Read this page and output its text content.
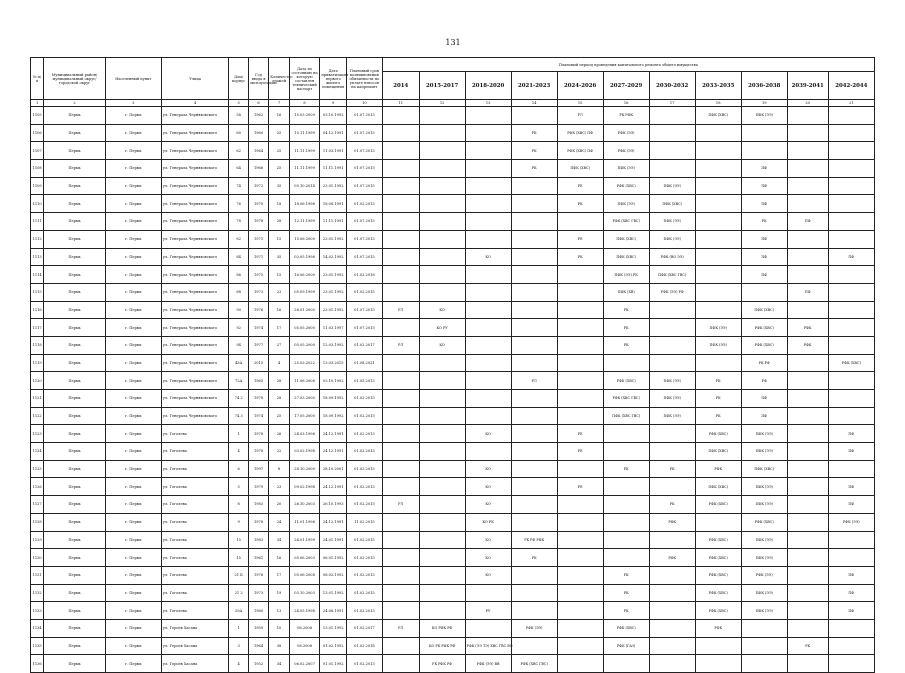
131
№ п/п	Муниципальный район/муниципальный округ/городской округ	Населенный пункт	Улица	Дом/корпус	Год ввода в эксплуатацию	Количество этажей	Дата по состоянию на которую составлен технический паспорт	Дата приватизации первого жилого помещения	Плановый срок возникновения обязанности по уплате взносов на капремонт	Плановый период проведения капитального ремонта общего имущества										
										2014	2015-2017	2018-2020	2021-2023	2024-2026	2027-2029	2030-2032	2033-2035	2036-2038	2039-2041	2042-2044
1	2	3	4	5	6	7	8	9	10	11	12	13	14	15	16	17	18	19	20	21
1105	Пермь	г. Пермь	ул. Генерала Черняховского	58	1962	16	15.03.2009	03.10.1992	01.07.2015					РЛ	РК РФК		ПФК (ХВС)	ПФК (ЭЭ)		
1106	Пермь	г. Пермь	ул. Генерала Черняховского	60	1960	25	15.11.1999	04.12.1991	01.07.2015				РК	РФК (ХВС) ПФ	РФК (ЭЭ)					
1107	Пермь	г. Пермь	ул. Генерала Черняховского	62	1964	25	11.11.1999	11.03.1991	01.07.2015				РК	РФК (ХВС) ПФ	РФК (ЭЭ)					
1108	Пермь	г. Пермь	ул. Генерала Черняховского	64	1966	25	11.11.1999	11.11.1991	01.07.2015				РК	ПФК (ХВС)	ПФК (ЭЭ)			ПФ		
1109	Пермь	г. Пермь	ул. Генерала Черняховского	74	1972	35	05.10.2014	23.01.1992	01.07.2015					РЕ	РФК (ХВС)	ПФК (ЭЭ)		ПФ		
1110	Пермь	г. Пермь	ул. Генерала Черняховского	76	1970	18	18.06.1998	18.08.1991	01.02.2013					РК	ПФК (ЭЭ)	ПФК (ХВС)		ПФ		
1111	Пермь	г. Пермь	ул. Генерала Черняховского	78	1978	28	12.11.1999	11.11.1991	01.07.2015						РФК (ХВС ГВС)	ПФК (ЭЭ)		РК	ПФ	
1112	Пермь	г. Пермь	ул. Генерала Черняховского	82	1971	15	15.06.2000	23.01.1992	01.07.2015					РЕ	ПФК (ХВС)	ПФК (ЭЭ)		ПФ		
1113	Пермь	г. Пермь	ул. Генерала Черняховского	84	1971	35	02.05.1998	14.02.1992	01.07.2015			КО		РК	ПФК (ХВС)	РФК (ВО ЭЭ)		ПФ		ПФ
1114	Пермь	г. Пермь	ул. Генерала Черняховского	86	1975	15	16.06.2000	23.01.1992	01.02.2018						ПФК (ЭЭ) РК	ПФК (ХВС ГВС)		ПФ		
1115	Пермь	г. Пермь	ул. Генерала Черняховского	88	1973	23	05.09.1999	23.01.1992	01.02.2015						ПФК (ХВ)	РФК (ЭЭ) РФ			ПФ	
1116	Пермь	г. Пермь	ул. Генерала Черняховского	90	1976	16	28.01.2000	23.01.1992	01.07.2015	РЛ	КО				РК			ПФК (ХВС)		
1117	Пермь	г. Пермь	ул. Генерала Черняховского	92	1974	17	05.05.2000	11.03.1997	01.07.2015		КО РУ				РК		ПФК (ЭЭ)	РФК (ХВС)	РФК	
1118	Пермь	г. Пермь	ул. Генерала Черняховского	94	1977	27	05.05.2000	12.03.1992	01.02.2017	РЛ	КО				РК		ПФК (ЭЭ)	РФК (ХВС)	РФК	
1119	Пермь	г. Пермь	ул. Генерала Черняховского	43А	2015	4	25.02.2022	13.03.2015	01.08.2021									РК РФ		РФК (ХВС)
1120	Пермь	г. Пермь	ул. Генерала Черняховского	72А	1965	28	11.06.2008	03.10.1992	01.05.2013				РЛ		РФК (ХВС)	ПФК (ЭЭ)	РК	РФ		
1121	Пермь	г. Пермь	ул. Генерала Черняховского	74.2	1978	28	27.03.2000	18.09.1992	01.02.2015						РФК (ХВС ГВС)	ПФК (ЭЭ)	РК	ПФ		
1122	Пермь	г. Пермь	ул. Генерала Черняховского	74.3	1974	25	17.05.2000	18.09.1992	01.02.2015						ПФК (ХВС ГВС)	ПФК (ЭЭ)	РК	ПФ		
1123	Пермь	г. Пермь	ул. Гоголева	1	1978	26	24.03.1998	24.12.1991	01.02.2013			КО		РЕ			РФК (ХВС)	ПФК (ЭЭ)		ПФ
1124	Пермь	г. Пермь	ул. Гоголева	4	1978	22	03.02.1998	24.12.1991	01.02.2013					РЕ			ПФК (ХВС)	ПФК (ЭЭ)		ПФ
1125	Пермь	г. Пермь	ул. Гоголева	6	1997	8	28.10.2000	28.10.2001	01.02.2015			КО			РК	РК	РФК	ПФК (ХВС)		
1126	Пермь	г. Пермь	ул. Гоголева	5	1979	23	09.02.1998	24.12.1991	01.02.2015			КО		РЕ			ПФК (ХВС)	ПФК (ЭЭ)		ПФ
1127	Пермь	г. Пермь	ул. Гоголева	8	1983	20	26.10.2003	26.10.1993	01.02.2015	РЛ		КО				РК	РФК (ХВС)	ПФК (ЭЭ)		ПФ
1128	Пермь	г. Пермь	ул. Гоголева	9	1978	24	11.01.1998	24.12.1991	11.02.2015			КО РК				РФК		РФК (ХВС)		РФК (ЭЭ)
1129	Пермь	г. Пермь	ул. Гоголева	15	1983	34	24.01.1999	24.01.1991	01.02.2015			КО	РК РФ РФК				РФК (ХВС)	ПФК (ЭЭ)		
1130	Пермь	г. Пермь	ул. Гоголева	15	1961	16	05.06.2003	06.01.1992	01.02.2015			КО	РК			РФК	РФК (ХВС)	ПФК (ЭЭ)		
1131	Пермь	г. Пермь	ул. Гоголева	21 Б	1976	17	05.06.2008	08.02.1992	01.02.2015			КО			РК		РФК (ХВС)	РФК (ЭЭ)		ПФ
1132	Пермь	г. Пермь	ул. Гоголева	21 2	1973	19	03.10.2003	13.01.1992	01.02.2015						РК		РФК (ХВС)	ПФК (ЭЭ)		ПФ
1133	Пермь	г. Пермь	ул. Гоголева	29А	1980	13	24.05.1998	24.08.1991	01.02.2015			РУ			РК		РФК (ХВС)	ПФК (ЭЭ)		ПФ
1134	Пермь	г. Пермь	ул. Героев Хасана	1	1959	10	08.2008	13.01.1992	01.02.2017	РЛ	КО РФК РФ		РФК (ЭЭ)		РФК (ХВС)		РФК			
1135	Пермь	г. Пермь	ул. Героев Хасана	3	1964	38	08.2008	01.02.1992	01.02.2018		КО РК РФК РФ	РФК (ЭЭ ТЭ) ХВС ГВС ВО			РФК (ГАЗ)				РК	
1136	Пермь	г. Пермь	ул. Героев Хасана	4	1952	34	06.02.2007	01.01.1992	01.02.2013		РК РФК РФ	РФК (ЭЭ) ВВ	РФК (ХВС ГВС)							
